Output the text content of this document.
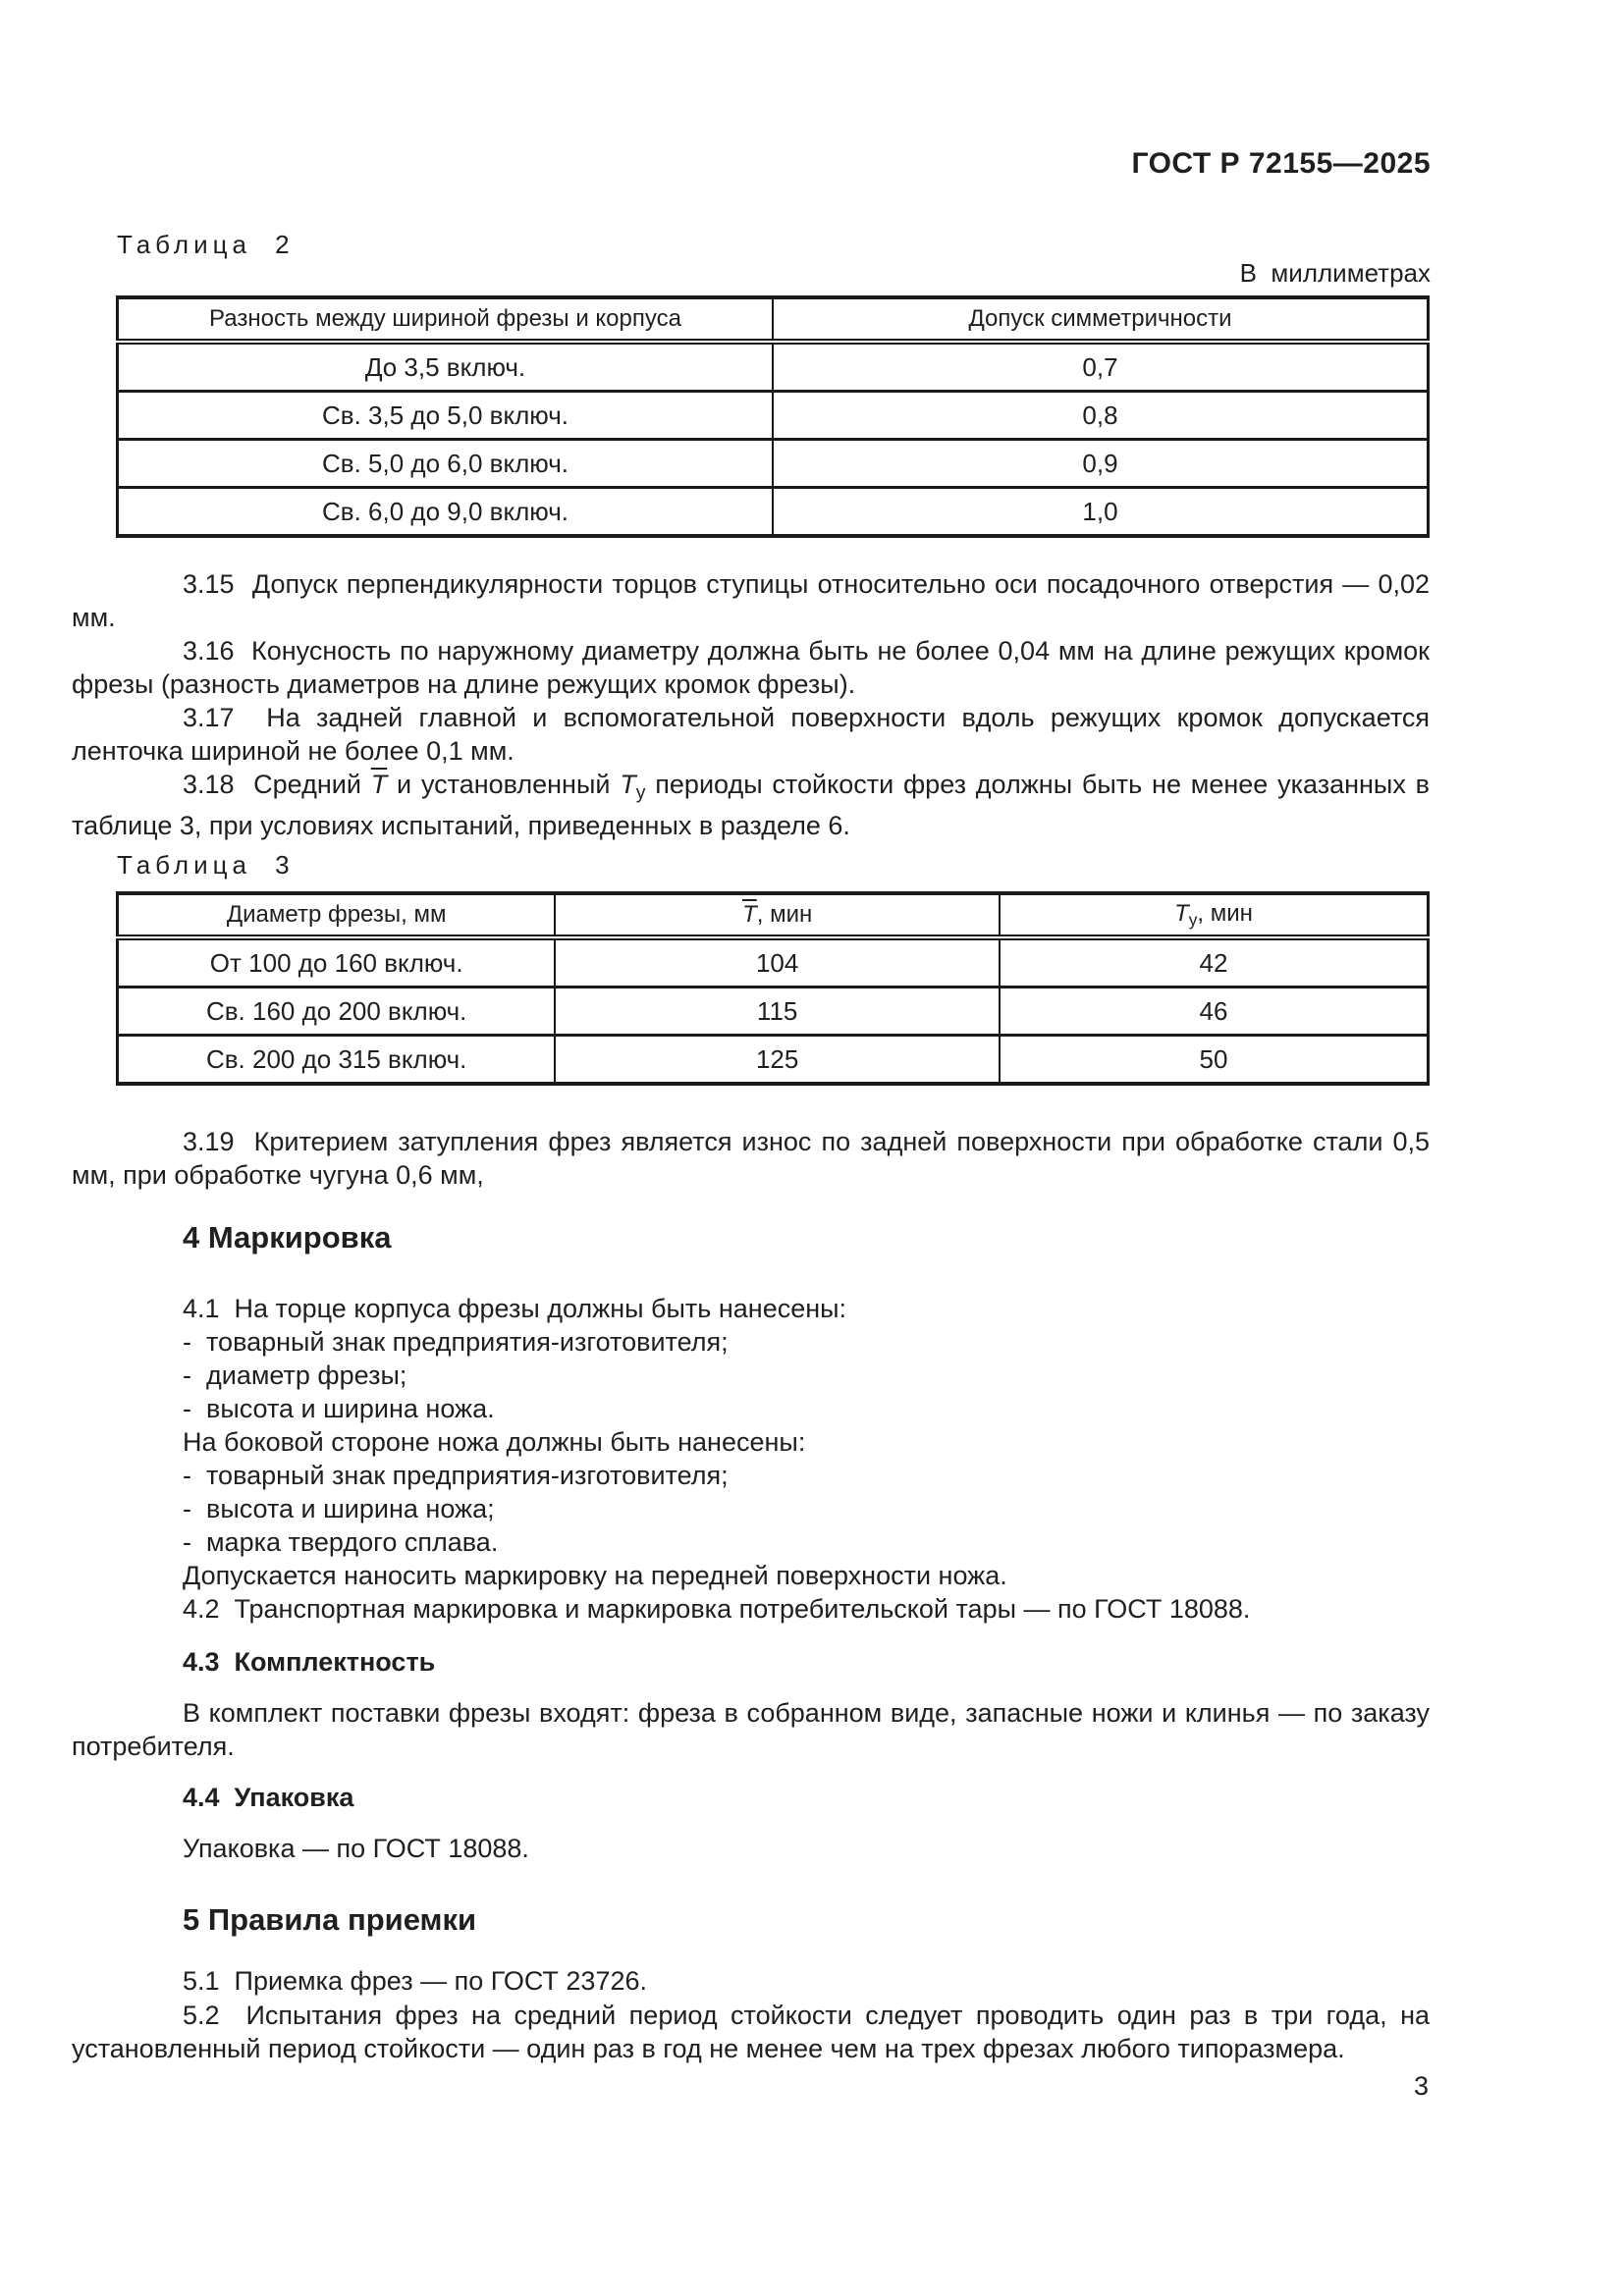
ГОСТ Р 72155—2025
Таблица 2
В  миллиметрах
Разность между шириной фрезы и корпуса	Допуск симметричности
До 3,5 включ.	0,7
Св. 3,5 до 5,0 включ.	0,8
Св. 5,0 до 6,0 включ.	0,9
Св. 6,0 до 9,0 включ.	1,0

3.15  Допуск перпендикулярности торцов ступицы относительно оси посадочного отверстия — 0,02 мм.

3.16  Конусность по наружному диаметру должна быть не более 0,04 мм на длине режущих кромок фрезы (разность диаметров на длине режущих кромок фрезы).

3.17  На задней главной и вспомогательной поверхности вдоль режущих кромок допускается ленточка шириной не более 0,1 мм.

3.18  Средний $\overline{T}$ и установленный $T_у$ периоды стойкости фрез должны быть не менее указанных в таблице 3, при условиях испытаний, приведенных в разделе 6.

Таблица 3
Диаметр фрезы, мм	$\overline{T}$, мин	$T_у$, мин
От 100 до 160 включ.	104	42
Св. 160 до 200 включ.	115	46
Св. 200 до 315 включ.	125	50

3.19  Критерием затупления фрез является износ по задней поверхности при обработке стали 0,5 мм, при обработке чугуна 0,6 мм,

4 Маркировка
4.1  На торце корпуса фрезы должны быть нанесены:
-  товарный знак предприятия-изготовителя;
-  диаметр фрезы;
-  высота и ширина ножа.
На боковой стороне ножа должны быть нанесены:
-  товарный знак предприятия-изготовителя;
-  высота и ширина ножа;
-  марка твердого сплава.
Допускается наносить маркировку на передней поверхности ножа.
4.2  Транспортная маркировка и маркировка потребительской тары — по ГОСТ 18088.
4.3  Комплектность

В комплект поставки фрезы входят: фреза в собранном виде, запасные ножи и клинья — по заказу потребителя.

4.4  Упаковка
Упаковка — по ГОСТ 18088.
5 Правила приемки
5.1  Приемка фрез — по ГОСТ 23726.

5.2  Испытания фрез на средний период стойкости следует проводить один раз в три года, на установленный период стойкости — один раз в год не менее чем на трех фрезах любого типоразмера.

3
